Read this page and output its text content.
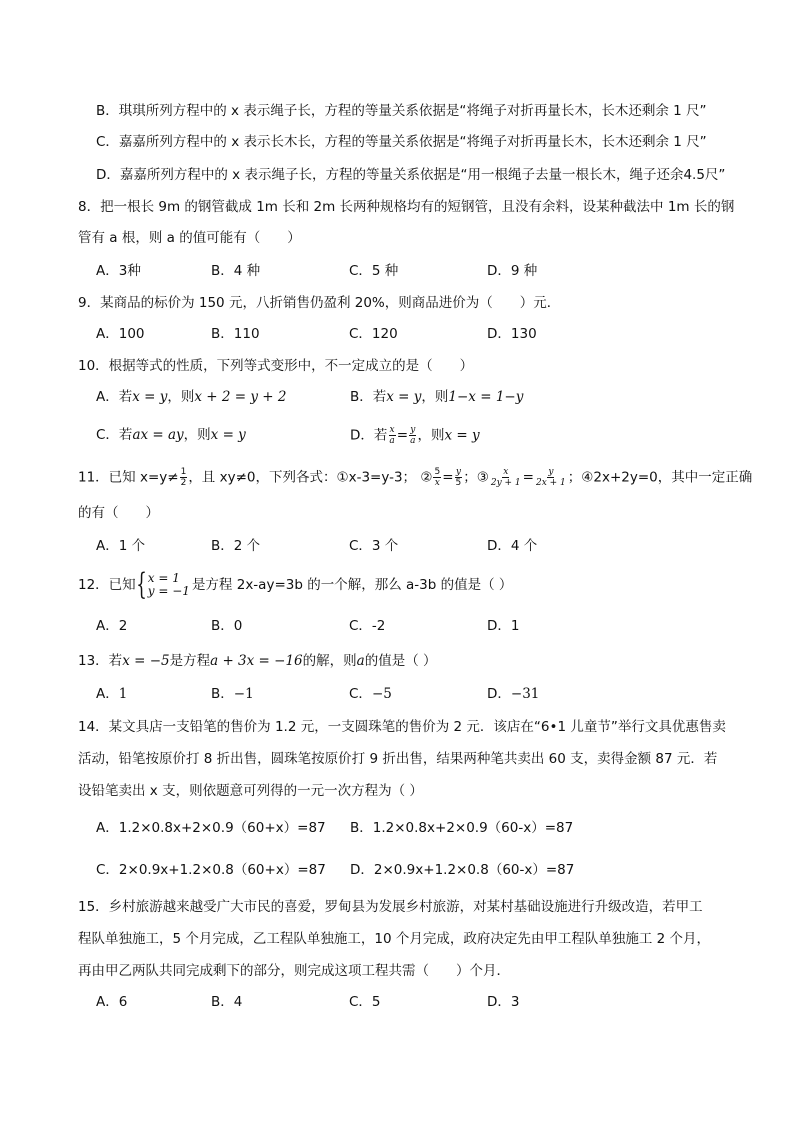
B．琪琪所列方程中的 x 表示绳子长，方程的等量关系依据是“将绳子对折再量长木，长木还剩余 1 尺”
C．嘉嘉所列方程中的 x 表示长木长，方程的等量关系依据是“将绳子对折再量长木，长木还剩余 1 尺”
D．嘉嘉所列方程中的 x 表示绳子长，方程的等量关系依据是“用一根绳子去量一根长木，绳子还余4.5尺”
8．把一根长 9m 的钢管截成 1m 长和 2m 长两种规格均有的短钢管，且没有余料，设某种截法中 1m 长的钢
管有 a 根，则 a 的值可能有（　　）
A．3种	B．4 种	C．5 种	D．9 种
9．某商品的标价为 150 元，八折销售仍盈利 20%，则商品进价为（　　）元．
A．100	B．110	C．120	D．130
10．根据等式的性质，下列等式变形中，不一定成立的是（　　）
A．若x = y，则x + 2 = y + 2	B．若x = y，则1−x = 1−y
C．若ax = ay，则x = y	D．若 $\frac{x}{a} = \frac{y}{a}$ ，则x = y
11．已知 $x=y\ne \frac{1}{2}$ ，且 xy≠0，下列各式：①x-3=y-3； ② $\frac{5}{x} = \frac{y}{5}$ ；③ $\frac{x}{2y + 1} = \frac{y}{2x + 1}$ ；④2x+2y=0，其中一定正确
的有（　　）
A．1 个	B．2 个	C．3 个	D．4 个
12．已知{ x = 1
y = −1 是方程 2x-ay=3b 的一个解，那么 a-3b 的值是（ ）
A．2	B．0	C．-2	D．1
13．若x = −5是方程a + 3x = −16的解，则a的值是（ ）
A．1	B．−1	C．−5	D．−31
14．某文具店一支铅笔的售价为 1.2 元，一支圆珠笔的售价为 2 元．该店在“6•1 儿童节”举行文具优惠售卖
活动，铅笔按原价打 8 折出售，圆珠笔按原价打 9 折出售，结果两种笔共卖出 60 支，卖得金额 87 元．若
设铅笔卖出 x 支，则依题意可列得的一元一次方程为（ ）
A．1.2×0.8x+2×0.9（60+x）=87 B．1.2×0.8x+2×0.9（60-x）=87
C．2×0.9x+1.2×0.8（60+x）=87 D．2×0.9x+1.2×0.8（60-x）=87
15．乡村旅游越来越受广大市民的喜爱，罗甸县为发展乡村旅游，对某村基础设施进行升级改造，若甲工
程队单独施工，5 个月完成，乙工程队单独施工，10 个月完成，政府决定先由甲工程队单独施工 2 个月，
再由甲乙两队共同完成剩下的部分，则完成这项工程共需（　　）个月．
A．6	B．4	C．5	D．3
